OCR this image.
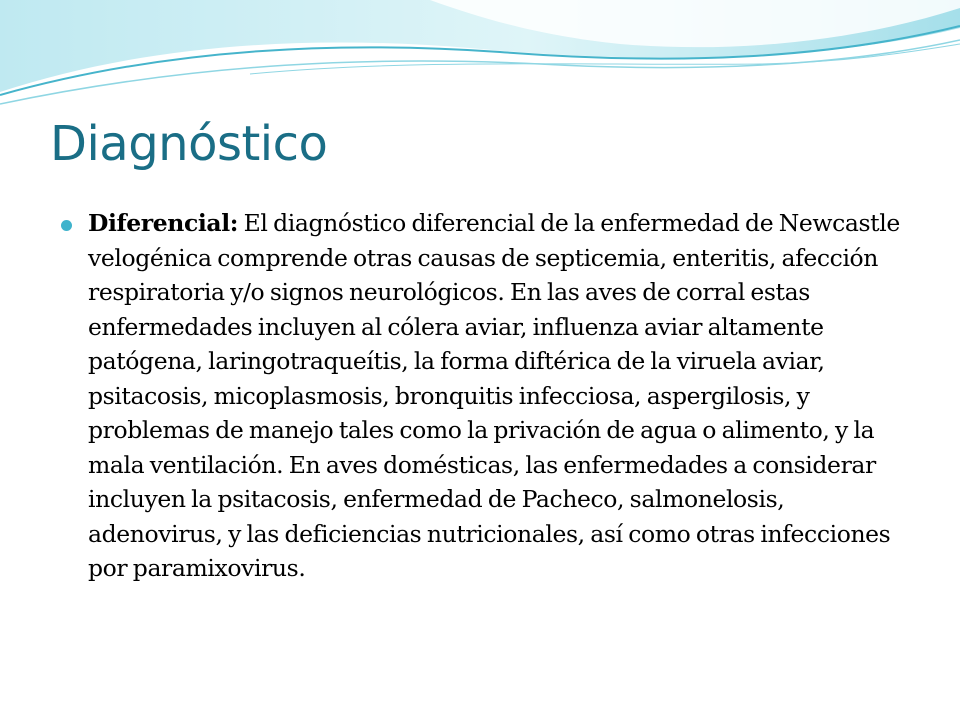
Diagnóstico

Diferencial: El diagnóstico diferencial de la enfermedad de Newcastle velogénica comprende otras causas de septicemia, enteritis, afección respiratoria y/o signos neurológicos. En las aves de corral estas enfermedades incluyen al cólera aviar, influenza aviar altamente patógena, laringotraqueítis, la forma diftérica de la viruela aviar, psitacosis, micoplasmosis, bronquitis infecciosa, aspergilosis, y problemas de manejo tales como la privación de agua o alimento, y la mala ventilación. En aves domésticas, las enfermedades a considerar incluyen la psitacosis, enfermedad de Pacheco, salmonelosis, adenovirus, y las deficiencias nutricionales, así como otras infecciones por paramixovirus.
